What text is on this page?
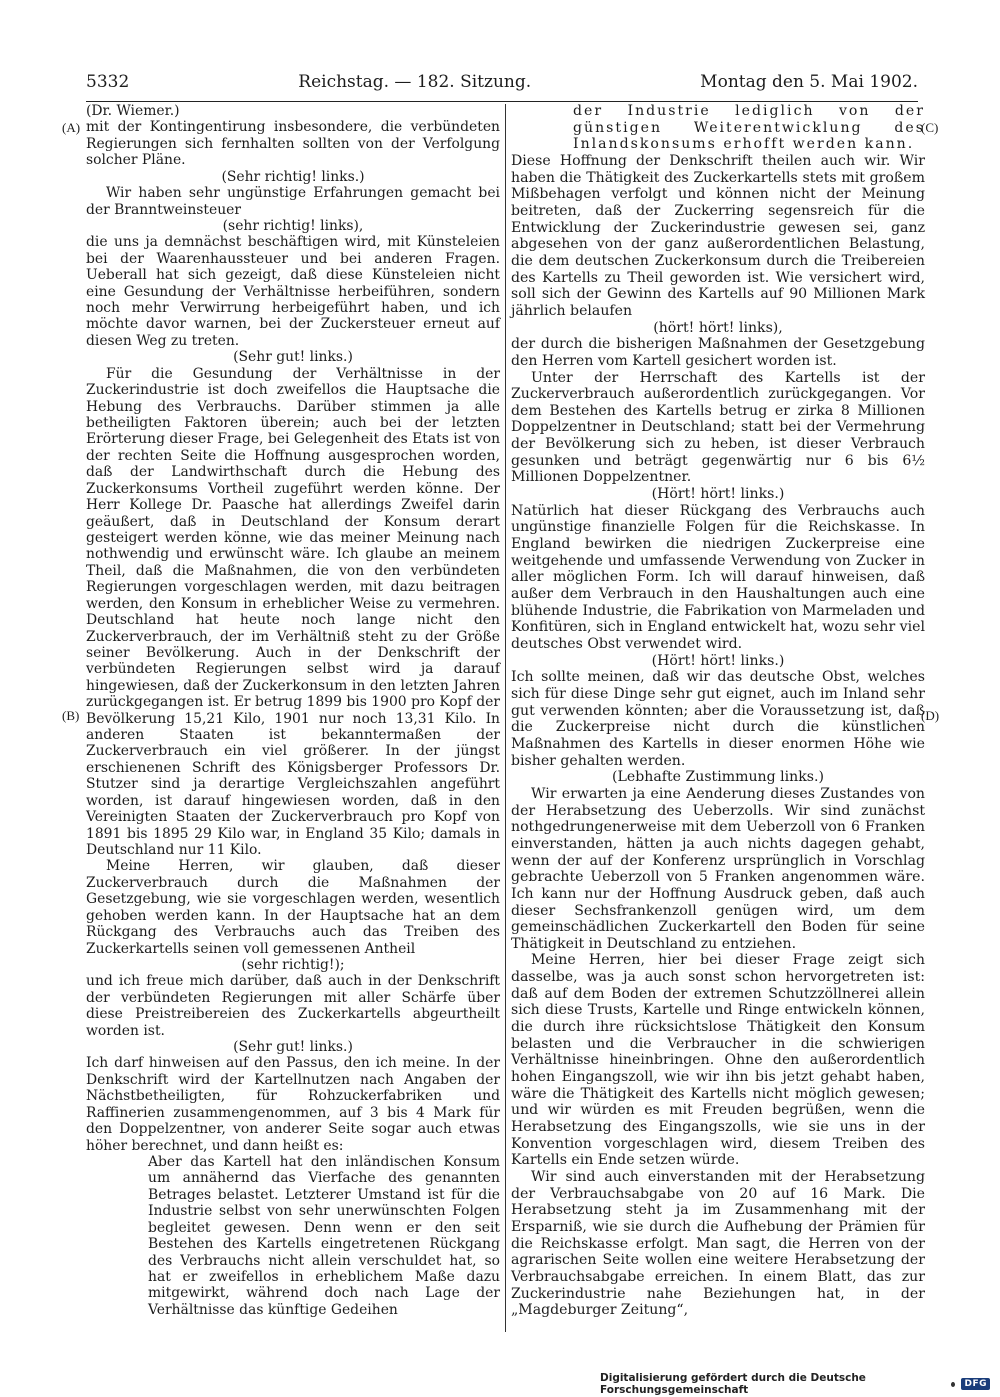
5332	Reichstag. — 182. Sitzung.	Montag den 5. Mai 1902.

(Dr. Wiemer.)

mit der Kontingentirung insbesondere, die verbündeten Regierungen sich fernhalten sollten von der Verfolgung solcher Pläne.

(Sehr richtig! links.)

Wir haben sehr ungünstige Erfahrungen gemacht bei der Branntweinsteuer

(sehr richtig! links),

die uns ja demnächst beschäftigen wird, mit Künsteleien bei der Waarenhaussteuer und bei anderen Fragen. Ueberall hat sich gezeigt, daß diese Künsteleien nicht eine Gesundung der Verhältnisse herbeiführen, sondern noch mehr Verwirrung herbeigeführt haben, und ich möchte davor warnen, bei der Zuckersteuer erneut auf diesen Weg zu treten.

(Sehr gut! links.)

Für die Gesundung der Verhältnisse in der Zuckerindustrie ist doch zweifellos die Hauptsache die Hebung des Verbrauchs. Darüber stimmen ja alle betheiligten Faktoren überein; auch bei der letzten Erörterung dieser Frage, bei Gelegenheit des Etats ist von der rechten Seite die Hoffnung ausgesprochen worden, daß der Landwirthschaft durch die Hebung des Zuckerkonsums Vortheil zugeführt werden könne. Der Herr Kollege Dr. Paasche hat allerdings Zweifel darin geäußert, daß in Deutschland der Konsum derart gesteigert werden könne, wie das meiner Meinung nach nothwendig und erwünscht wäre. Ich glaube an meinem Theil, daß die Maßnahmen, die von den verbündeten Regierungen vorgeschlagen werden, mit dazu beitragen werden, den Konsum in erheblicher Weise zu vermehren. Deutschland hat heute noch lange nicht den Zuckerverbrauch, der im Verhältniß steht zu der Größe seiner Bevölkerung. Auch in der Denkschrift der verbündeten Regierungen selbst wird ja darauf hingewiesen, daß der Zuckerkonsum in den letzten Jahren zurückgegangen ist. Er betrug 1899 bis 1900 pro Kopf der Bevölkerung 15,21 Kilo, 1901 nur noch 13,31 Kilo. In anderen Staaten ist bekanntermaßen der Zuckerverbrauch ein viel größerer. In der jüngst erschienenen Schrift des Königsberger Professors Dr. Stutzer sind ja derartige Vergleichszahlen angeführt worden, ist darauf hingewiesen worden, daß in den Vereinigten Staaten der Zuckerverbrauch pro Kopf von 1891 bis 1895 29 Kilo war, in England 35 Kilo; damals in Deutschland nur 11 Kilo.

Meine Herren, wir glauben, daß dieser Zuckerverbrauch durch die Maßnahmen der Gesetzgebung, wie sie vorgeschlagen werden, wesentlich gehoben werden kann. In der Hauptsache hat an dem Rückgang des Verbrauchs auch das Treiben des Zuckerkartells seinen voll gemessenen Antheil

(sehr richtig!);

und ich freue mich darüber, daß auch in der Denkschrift der verbündeten Regierungen mit aller Schärfe über diese Preistreibereien des Zuckerkartells abgeurtheilt worden ist.

(Sehr gut! links.)

Ich darf hinweisen auf den Passus, den ich meine. In der Denkschrift wird der Kartellnutzen nach Angaben der Nächstbetheiligten, für Rohzuckerfabriken und Raffinerien zusammengenommen, auf 3 bis 4 Mark für den Doppelzentner, von anderer Seite sogar auch etwas höher berechnet, und dann heißt es:

Aber das Kartell hat den inländischen Konsum um annähernd das Vierfache des genannten Betrages belastet. Letzterer Umstand ist für die Industrie selbst von sehr unerwünschten Folgen begleitet gewesen. Denn wenn er den seit Bestehen des Kartells eingetretenen Rückgang des Verbrauchs nicht allein verschuldet hat, so hat er zweifellos in erheblichem Maße dazu mitgewirkt, während doch nach Lage der Verhältnisse das künftige Gedeihen

der Industrie lediglich von der günstigen Weiterentwicklung des Inlandskonsums erhofft werden kann.

Diese Hoffnung der Denkschrift theilen auch wir. Wir haben die Thätigkeit des Zuckerkartells stets mit großem Mißbehagen verfolgt und können nicht der Meinung beitreten, daß der Zuckerring segensreich für die Entwicklung der Zuckerindustrie gewesen sei, ganz abgesehen von der ganz außerordentlichen Belastung, die dem deutschen Zuckerkonsum durch die Treibereien des Kartells zu Theil geworden ist. Wie versichert wird, soll sich der Gewinn des Kartells auf 90 Millionen Mark jährlich belaufen

(hört! hört! links),

der durch die bisherigen Maßnahmen der Gesetzgebung den Herren vom Kartell gesichert worden ist.

Unter der Herrschaft des Kartells ist der Zuckerverbrauch außerordentlich zurückgegangen. Vor dem Bestehen des Kartells betrug er zirka 8 Millionen Doppelzentner in Deutschland; statt bei der Vermehrung der Bevölkerung sich zu heben, ist dieser Verbrauch gesunken und beträgt gegenwärtig nur 6 bis 6½ Millionen Doppelzentner.

(Hört! hört! links.)

Natürlich hat dieser Rückgang des Verbrauchs auch ungünstige finanzielle Folgen für die Reichskasse. In England bewirken die niedrigen Zuckerpreise eine weitgehende und umfassende Verwendung von Zucker in aller möglichen Form. Ich will darauf hinweisen, daß außer dem Verbrauch in den Haushaltungen auch eine blühende Industrie, die Fabrikation von Marmeladen und Konfitüren, sich in England entwickelt hat, wozu sehr viel deutsches Obst verwendet wird.

(Hört! hört! links.)

Ich sollte meinen, daß wir das deutsche Obst, welches sich für diese Dinge sehr gut eignet, auch im Inland sehr gut verwenden könnten; aber die Voraussetzung ist, daß die Zuckerpreise nicht durch die künstlichen Maßnahmen des Kartells in dieser enormen Höhe wie bisher gehalten werden.

(Lebhafte Zustimmung links.)

Wir erwarten ja eine Aenderung dieses Zustandes von der Herabsetzung des Ueberzolls. Wir sind zunächst nothgedrungenerweise mit dem Ueberzoll von 6 Franken einverstanden, hätten ja auch nichts dagegen gehabt, wenn der auf der Konferenz ursprünglich in Vorschlag gebrachte Ueberzoll von 5 Franken angenommen wäre. Ich kann nur der Hoffnung Ausdruck geben, daß auch dieser Sechsfrankenzoll genügen wird, um dem gemeinschädlichen Zuckerkartell den Boden für seine Thätigkeit in Deutschland zu entziehen.

Meine Herren, hier bei dieser Frage zeigt sich dasselbe, was ja auch sonst schon hervorgetreten ist: daß auf dem Boden der extremen Schutzzöllnerei allein sich diese Trusts, Kartelle und Ringe entwickeln können, die durch ihre rücksichtslose Thätigkeit den Konsum belasten und die Verbraucher in die schwierigen Verhältnisse hineinbringen. Ohne den außerordentlich hohen Eingangszoll, wie wir ihn bis jetzt gehabt haben, wäre die Thätigkeit des Kartells nicht möglich gewesen; und wir würden es mit Freuden begrüßen, wenn die Herabsetzung des Eingangszolls, wie sie uns in der Konvention vorgeschlagen wird, diesem Treiben des Kartells ein Ende setzen würde.

Wir sind auch einverstanden mit der Herabsetzung der Verbrauchsabgabe von 20 auf 16 Mark. Die Herabsetzung steht ja im Zusammenhang mit der Ersparniß, wie sie durch die Aufhebung der Prämien für die Reichskasse erfolgt. Man sagt, die Herren von der agrarischen Seite wollen eine weitere Herabsetzung der Verbrauchsabgabe erreichen. In einem Blatt, das zur Zuckerindustrie nahe Beziehungen hat, in der „Magdeburger Zeitung“,

(A)
(B)
(C)
(D)
Digitalisierung gefördert durch die Deutsche Forschungsgemeinschaft	DFG
